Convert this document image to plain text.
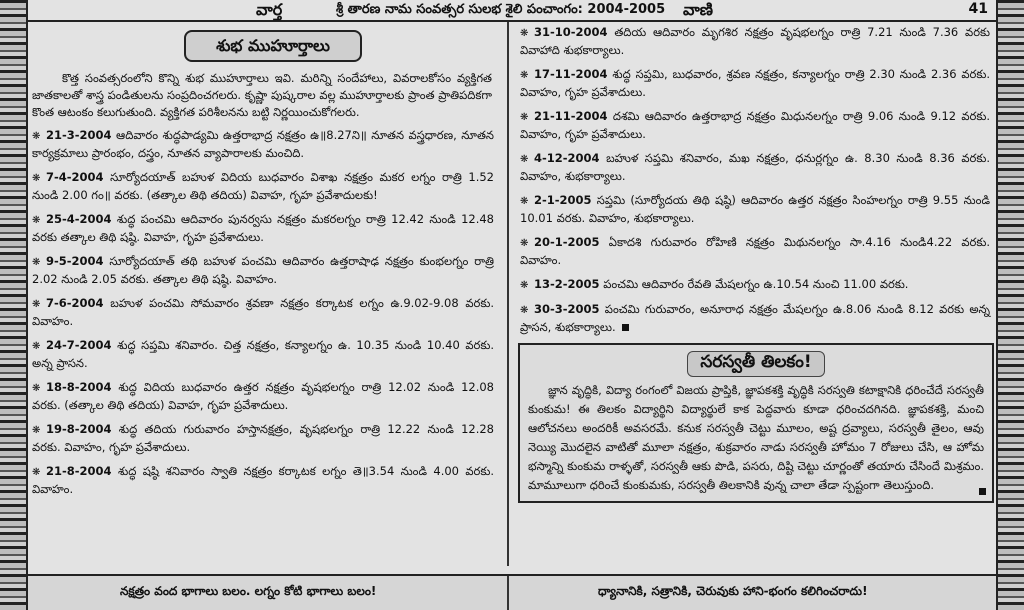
వార్త	శ్రీ తారణ నామ సంవత్సర సులభ శైలి పంచాంగం: 2004-2005 వాణి	41
శుభ ముహూర్తాలు
కొత్త సంవత్సరంలోని కొన్ని శుభ ముహూర్తాలు ఇవి. మరిన్ని సందేహాలు, వివరాలకోసం వ్యక్తిగత జాతకాలతో శాస్త్ర పండితులను సంప్రదించగలరు. కృష్ణా పుష్కరాల వల్ల ముహూర్తాలకు ప్రాంత ప్రాతిపదికగా కొంత ఆటంకం కలుగుతుంది. వ్యక్తిగత పరిశీలనను బట్టి నిర్ణయించుకోగలరు.
❋ 21-3-2004 ఆదివారం శుద్ధపాడ్యమి ఉత్తరాభాద్ర నక్షత్రం ఉ॥8.27ని॥ నూతన వస్త్రధారణ, నూతన కార్యక్రమాలు ప్రారంభం, దస్త్రం, నూతన వ్యాపారాలకు మంచిది.
❋ 7-4-2004 సూర్యోదయాత్ బహుళ విదియ బుధవారం విశాఖ నక్షత్రం మకర లగ్నం రాత్రి 1.52 నుండి 2.00 గం॥ వరకు. (తత్కాల తిథి తదియ) వివాహ, గృహ ప్రవేశాదులకు!
❋ 25-4-2004 శుద్ధ పంచమి ఆదివారం పునర్వసు నక్షత్రం మకరలగ్నం రాత్రి 12.42 నుండి 12.48 వరకు తత్కాల తిథి షష్ఠి. వివాహ, గృహ ప్రవేశాదులు.
❋ 9-5-2004 సూర్యోదయాత్ తథి బహుళ పంచమి ఆదివారం ఉత్తరాషాఢ నక్షత్రం కుంభలగ్నం రాత్రి 2.02 నుండి 2.05 వరకు. తత్కాల తిథి షష్ఠి. వివాహం.
❋ 7-6-2004 బహుళ పంచమి సోమవారం శ్రవణా నక్షత్రం కర్కాటక లగ్నం ఉ.9.02-9.08 వరకు. వివాహం.
❋ 24-7-2004 శుద్ధ సప్తమి శనివారం. చిత్త నక్షత్రం, కన్యాలగ్నం ఉ. 10.35 నుండి 10.40 వరకు. అన్న ప్రాసన.
❋ 18-8-2004 శుద్ధ విదియ బుధవారం ఉత్తర నక్షత్రం వృషభలగ్నం రాత్రి 12.02 నుండి 12.08 వరకు. (తత్కాల తిథి తదియ) వివాహ, గృహ ప్రవేశాదులు.
❋ 19-8-2004 శుద్ధ తదియ గురువారం హస్తానక్షత్రం, వృషభలగ్నం రాత్రి 12.22 నుండి 12.28 వరకు. వివాహం, గృహ ప్రవేశాదులు.
❋ 21-8-2004 శుద్ధ షష్ఠి శనివారం స్వాతి నక్షత్రం కర్కాటక లగ్నం తె॥3.54 నుండి 4.00 వరకు. వివాహం.
❋ 31-10-2004 తదియ ఆదివారం మృగశిర నక్షత్రం వృషభలగ్నం రాత్రి 7.21 నుండి 7.36 వరకు వివాహాది శుభకార్యాలు.
❋ 17-11-2004 శుద్ధ సప్తమి, బుధవారం, శ్రవణ నక్షత్రం, కన్యాలగ్నం రాత్రి 2.30 నుండి 2.36 వరకు. వివాహం, గృహ ప్రవేశాదులు.
❋ 21-11-2004 దశమి ఆదివారం ఉత్తరాభాద్ర నక్షత్రం మిధునలగ్నం రాత్రి 9.06 నుండి 9.12 వరకు. వివాహం, గృహ ప్రవేశాదులు.
❋ 4-12-2004 బహుళ సప్తమి శనివారం, మఖ నక్షత్రం, ధనుర్లగ్నం ఉ. 8.30 నుండి 8.36 వరకు. వివాహం, శుభకార్యాలు.
❋ 2-1-2005 సప్తమి (సూర్యోదయ తిథి షష్ఠి) ఆదివారం ఉత్తర నక్షత్రం సింహలగ్నం రాత్రి 9.55 నుండి 10.01 వరకు. వివాహం, శుభకార్యాలు.
❋ 20-1-2005 ఏకాదశి గురువారం రోహిణి నక్షత్రం మిథునలగ్నం సా.4.16 నుండి4.22 వరకు. వివాహం.
❋ 13-2-2005 పంచమి ఆదివారం రేవతి మేషలగ్నం ఉ.10.54 నుంచి 11.00 వరకు.
❋ 30-3-2005 పంచమి గురువారం, అనూరాధ నక్షత్రం మేషలగ్నం ఉ.8.06 నుండి 8.12 వరకు అన్న ప్రాసన, శుభకార్యాలు.
సరస్వతీ తిలకం!
జ్ఞాన వృద్ధికి, విద్యా రంగంలో విజయ ప్రాప్తికి, జ్ఞాపకశక్తి వృద్ధికి సరస్వతి కటాక్షానికి ధరించేదే సరస్వతీ కుంకుమ! ఈ తిలకం విద్యార్థిని విద్యార్థులే కాక పెద్దవారు కూడా ధరించదగినది. జ్ఞాపకశక్తి, మంచి ఆలోచనలు అందరికీ అవసరమే. కనుక సరస్వతీ చెట్టు మూలం, అష్ట ద్రవ్యాలు, సరస్వతీ తైలం, ఆవు నెయ్యి మొదలైన వాటితో మూలా నక్షత్రం, శుక్రవారం నాడు సరస్వతీ హోమం 7 రోజులు చేసి, ఆ హోమ భస్మాన్ని కుంకుమ రాళ్ళతో, సరస్వతీ ఆకు పొడి, పసరు, దిష్టి చెట్టు చూర్ణంతో తయారు చేసిందే మిశ్రమం. మామూలుగా ధరించే కుంకుమకు, సరస్వతీ తిలకానికి వున్న చాలా తేడా స్పష్టంగా తెలుస్తుంది.
నక్షత్రం వంద భాగాలు బలం. లగ్నం కోటి భాగాలు బలం!	ధ్యానానికి, సత్రానికి, చెరువుకు హాని-భంగం కలిగించరాదు!
